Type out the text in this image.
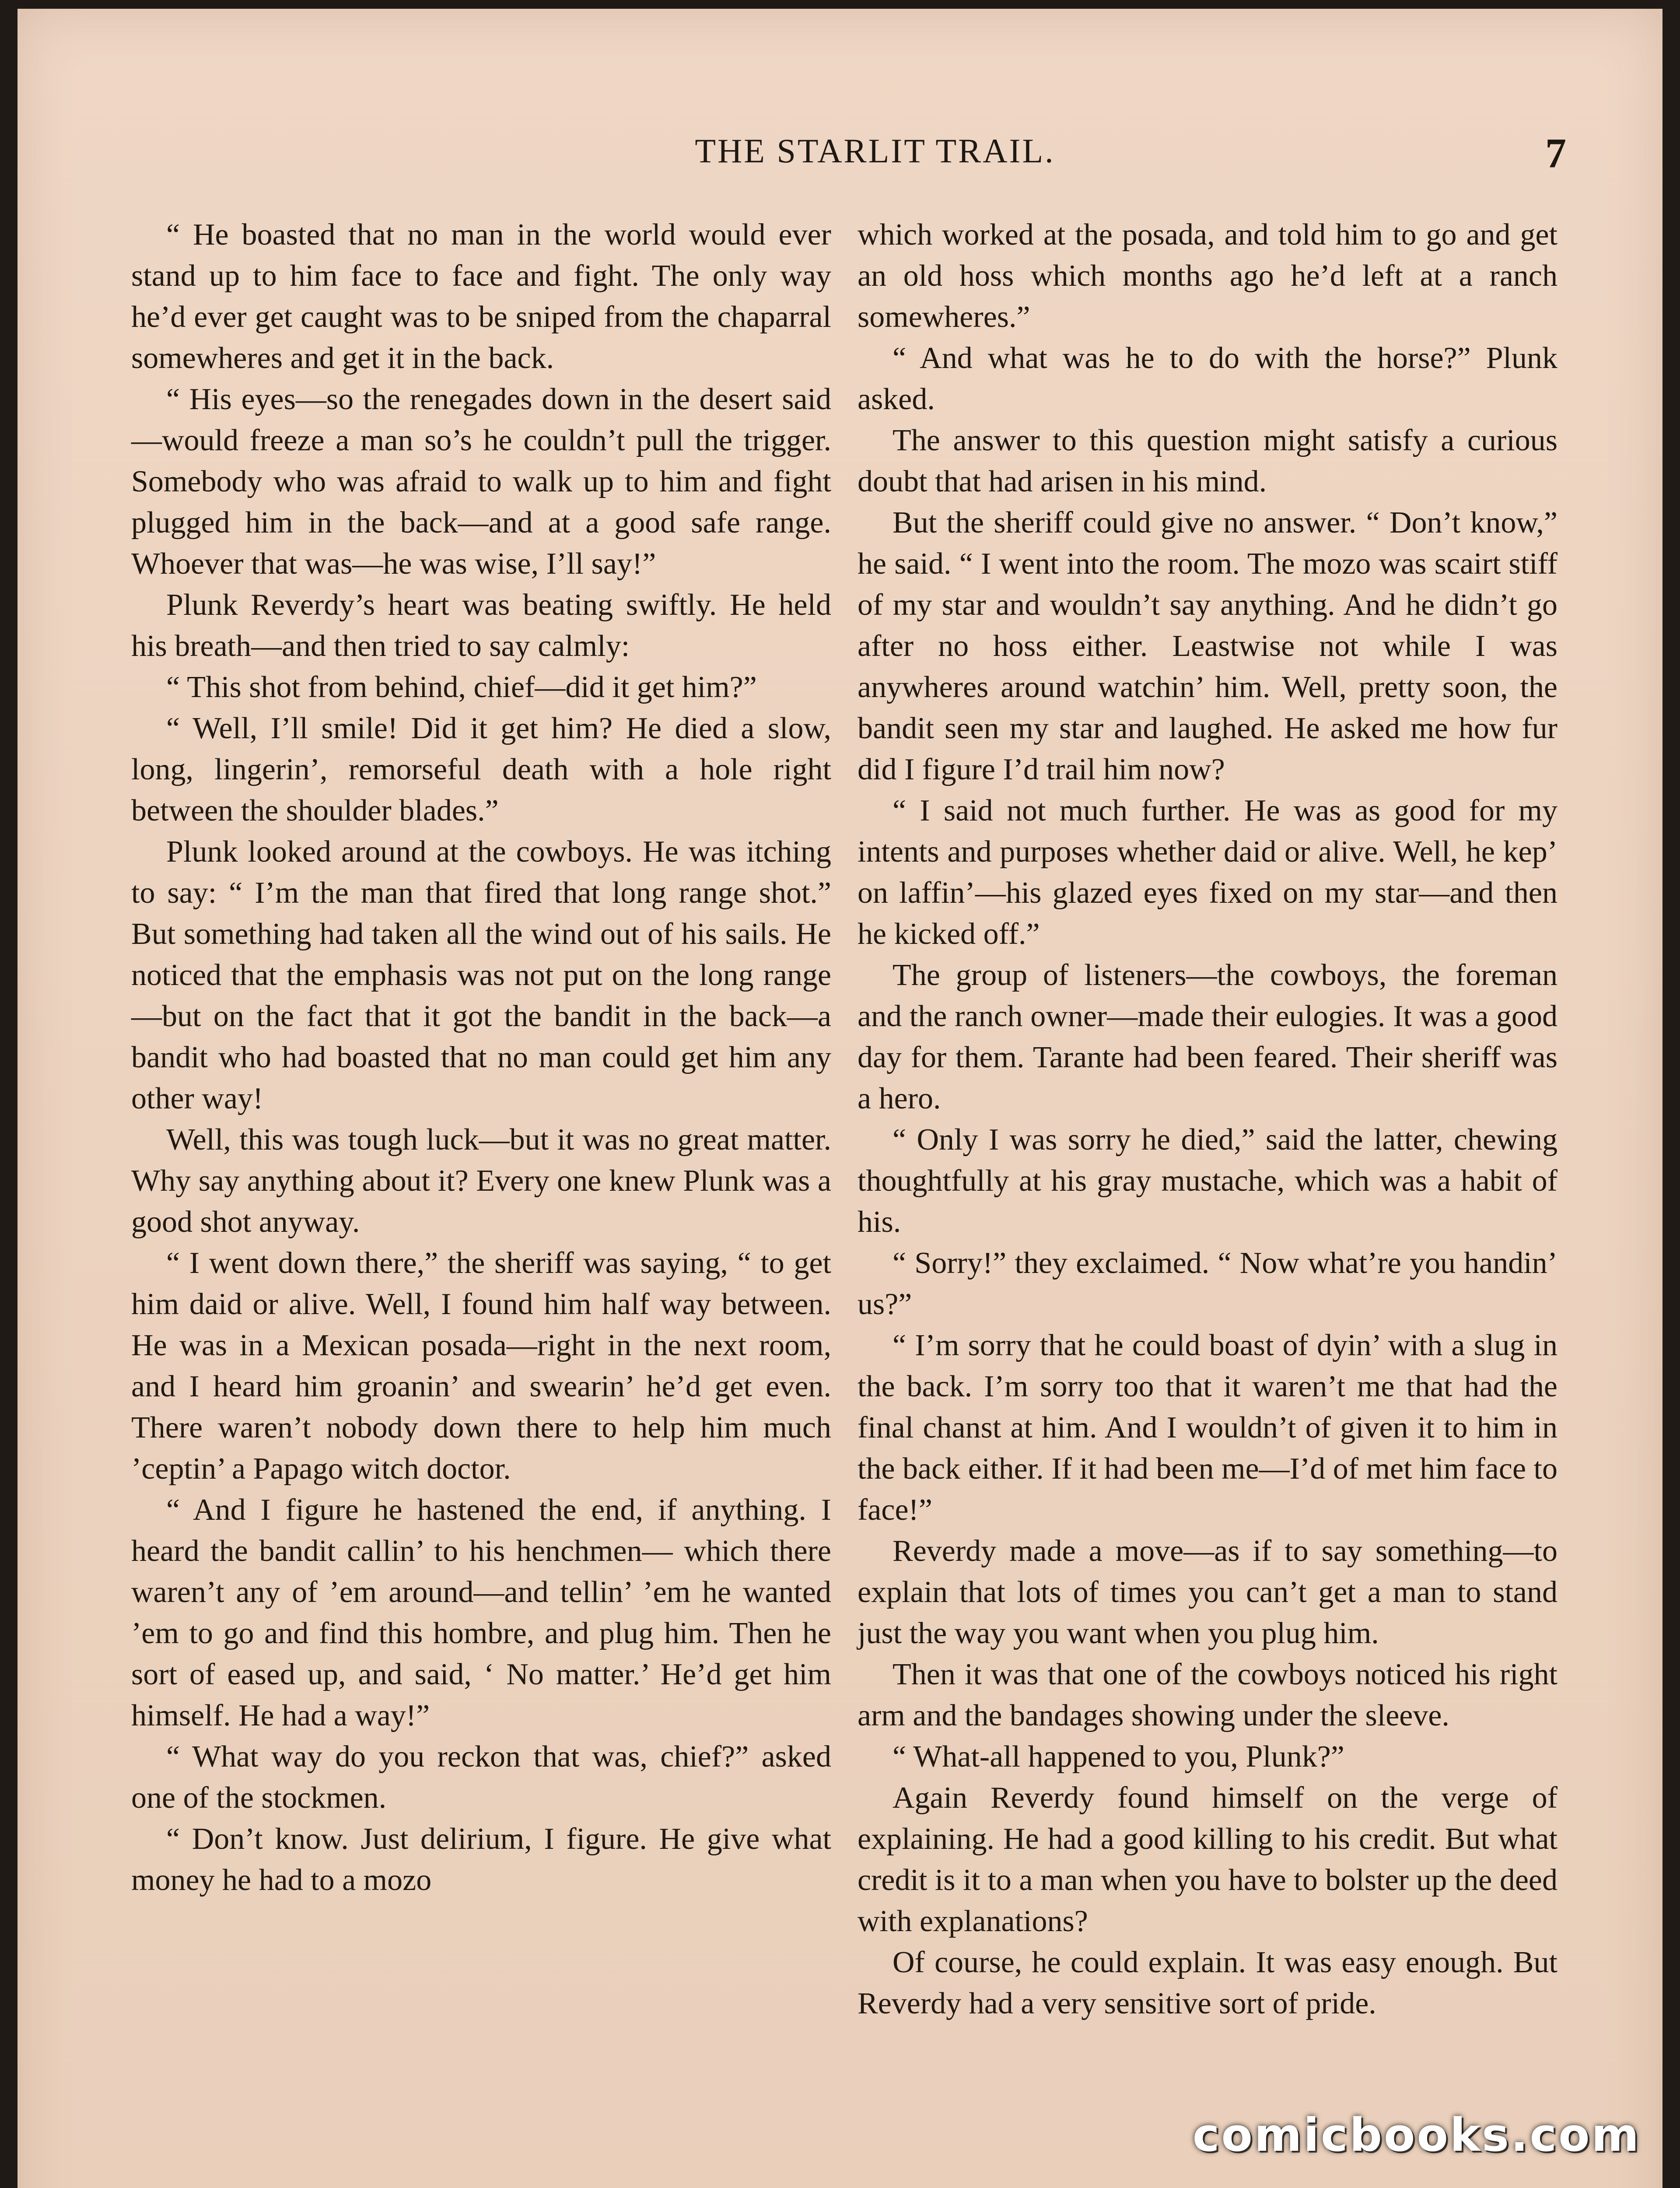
THE STARLIT TRAIL.	7

“ He boasted that no man in the world would ever stand up to him face to face and fight. The only way he’d ever get caught was to be sniped from the chaparral somewheres and get it in the back.

“ His eyes—so the renegades down in the desert said—would freeze a man so’s he couldn’t pull the trigger. Somebody who was afraid to walk up to him and fight plugged him in the back—and at a good safe range. Whoever that was—he was wise, I’ll say!”

Plunk Reverdy’s heart was beating swiftly. He held his breath—and then tried to say calmly:

“ This shot from behind, chief—did it get him?”

“ Well, I’ll smile! Did it get him? He died a slow, long, lingerin’, remorseful death with a hole right between the shoulder blades.”

Plunk looked around at the cowboys. He was itching to say: “ I’m the man that fired that long range shot.” But something had taken all the wind out of his sails. He noticed that the emphasis was not put on the long range—but on the fact that it got the bandit in the back—a bandit who had boasted that no man could get him any other way!

Well, this was tough luck—but it was no great matter. Why say anything about it? Every one knew Plunk was a good shot anyway.

“ I went down there,” the sheriff was saying, “ to get him daid or alive. Well, I found him half way between. He was in a Mexican posada—right in the next room, and I heard him groanin’ and swearin’ he’d get even. There waren’t nobody down there to help him much ’ceptin’ a Papago witch doctor.

“ And I figure he hastened the end, if anything. I heard the bandit callin’ to his henchmen— which there waren’t any of ’em around—and tellin’ ’em he wanted ’em to go and find this hombre, and plug him. Then he sort of eased up, and said, ‘ No matter.’ He’d get him himself. He had a way!”

“ What way do you reckon that was, chief?” asked one of the stockmen.

“ Don’t know. Just delirium, I figure. He give what money he had to a mozo

which worked at the posada, and told him to go and get an old hoss which months ago he’d left at a ranch somewheres.”

“ And what was he to do with the horse?” Plunk asked.

The answer to this question might satisfy a curious doubt that had arisen in his mind.

But the sheriff could give no answer. “ Don’t know,” he said. “ I went into the room. The mozo was scairt stiff of my star and wouldn’t say anything. And he didn’t go after no hoss either. Leastwise not while I was anywheres around watchin’ him. Well, pretty soon, the bandit seen my star and laughed. He asked me how fur did I figure I’d trail him now?

“ I said not much further. He was as good for my intents and purposes whether daid or alive. Well, he kep’ on laffin’—his glazed eyes fixed on my star—and then he kicked off.”

The group of listeners—the cowboys, the foreman and the ranch owner—made their eulogies. It was a good day for them. Tarante had been feared. Their sheriff was a hero.

“ Only I was sorry he died,” said the latter, chewing thoughtfully at his gray mustache, which was a habit of his.

“ Sorry!” they exclaimed. “ Now what’re you handin’ us?”

“ I’m sorry that he could boast of dyin’ with a slug in the back. I’m sorry too that it waren’t me that had the final chanst at him. And I wouldn’t of given it to him in the back either. If it had been me—I’d of met him face to face!”

Reverdy made a move—as if to say something—to explain that lots of times you can’t get a man to stand just the way you want when you plug him.

Then it was that one of the cowboys noticed his right arm and the bandages showing under the sleeve.

“ What-all happened to you, Plunk?”

Again Reverdy found himself on the verge of explaining. He had a good killing to his credit. But what credit is it to a man when you have to bolster up the deed with explanations?

Of course, he could explain. It was easy enough. But Reverdy had a very sensitive sort of pride.

comicbooks.com
